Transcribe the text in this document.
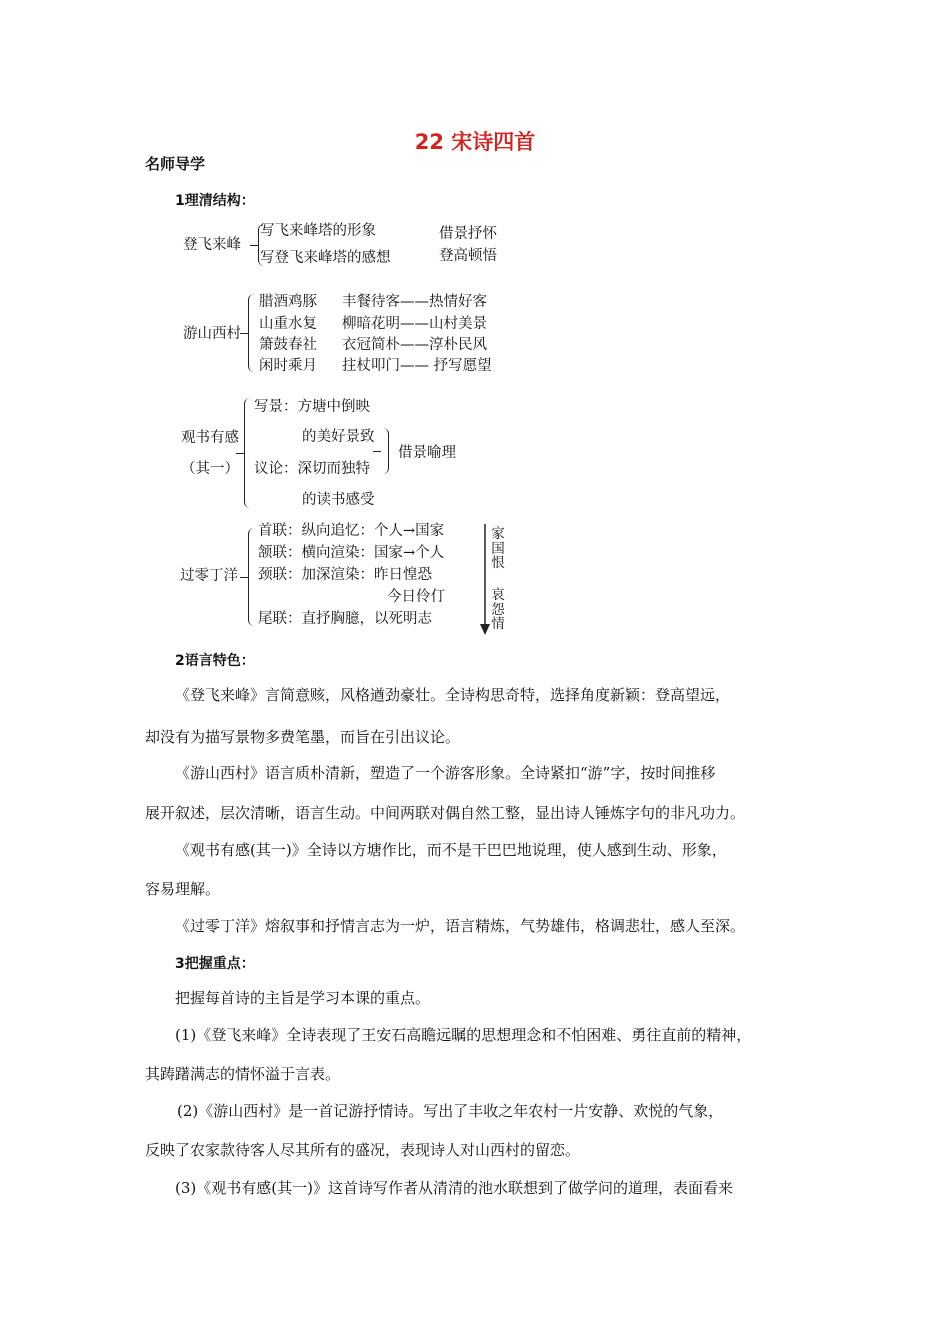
22 宋诗四首
名师导学
1理清结构：
登飞来峰
写飞来峰塔的形象
写登飞来峰塔的感想
借景抒怀
登高顿悟
游山西村
腊酒鸡豚 丰餐待客——热情好客
山重水复 柳暗花明——山村美景
箫鼓春社 衣冠简朴——淳朴民风
闲时乘月 拄杖叩门—— 抒写愿望
观书有感
（其一）
写景：方塘中倒映
的美好景致
议论：深切而独特
的读书感受
借景喻理
过零丁洋
首联：纵向追忆：个人→国家
颔联：横向渲染：国家→个人
颈联：加深渲染：昨日惶恐
今日伶仃
尾联：直抒胸臆，以死明志
家国恨
哀怨情
2语言特色：
《登飞来峰》言简意赅，风格遒劲豪壮。全诗构思奇特，选择角度新颖：登高望远，
却没有为描写景物多费笔墨，而旨在引出议论。
《游山西村》语言质朴清新，塑造了一个游客形象。全诗紧扣“游”字，按时间推移
展开叙述，层次清晰，语言生动。中间两联对偶自然工整，显出诗人锤炼字句的非凡功力。
《观书有感(其一)》全诗以方塘作比，而不是干巴巴地说理，使人感到生动、形象，
容易理解。
《过零丁洋》熔叙事和抒情言志为一炉，语言精炼，气势雄伟，格调悲壮，感人至深。
3把握重点：
把握每首诗的主旨是学习本课的重点。
(1)《登飞来峰》全诗表现了王安石高瞻远瞩的思想理念和不怕困难、勇往直前的精神，
其踌躇满志的情怀溢于言表。
(2)《游山西村》是一首记游抒情诗。写出了丰收之年农村一片安静、欢悦的气象，
反映了农家款待客人尽其所有的盛况，表现诗人对山西村的留恋。
(3)《观书有感(其一)》这首诗写作者从清清的池水联想到了做学问的道理，表面看来
